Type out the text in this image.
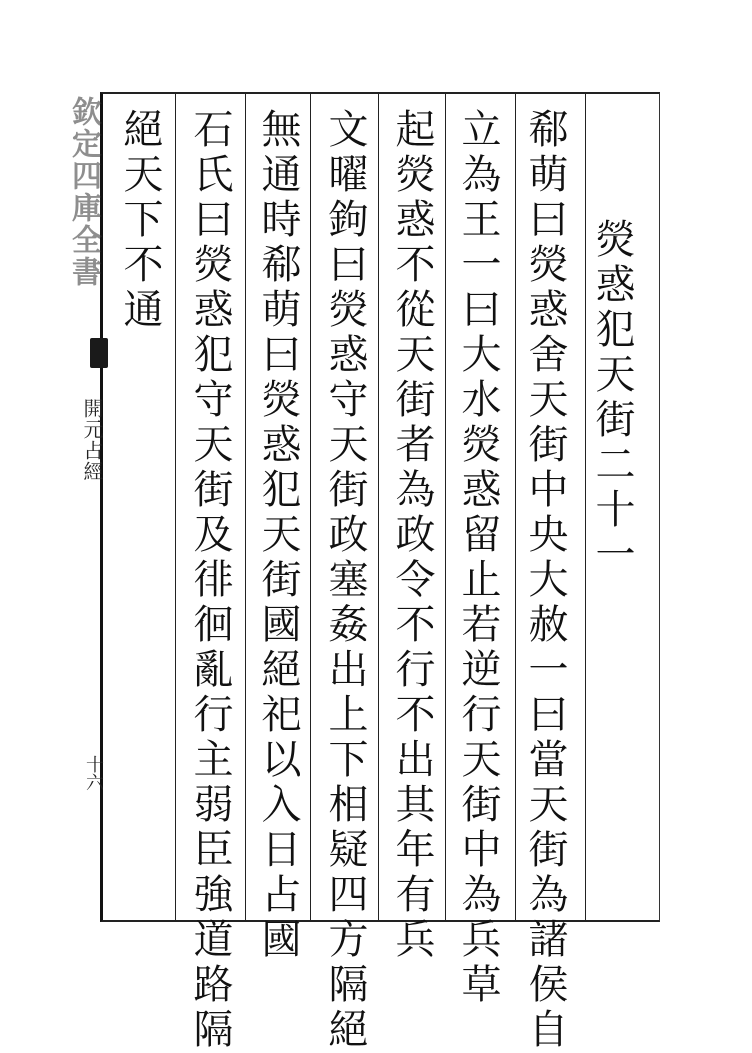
熒惑犯天街二十一
郗萌曰熒惑舍天街中央大赦一曰當天街為諸侯自
立為王一曰大水熒惑留止若逆行天街中為兵草
起熒惑不從天街者為政令不行不出其年有兵
文曜鉤曰熒惑守天街政塞姦出上下相疑四方隔絕
無通時郗萌曰熒惑犯天街國絕祀以入日占國
石氏曰熒惑犯守天街及徘徊亂行主弱臣強道路隔
絕天下不通
欽定四庫全書
開元占經
十六
